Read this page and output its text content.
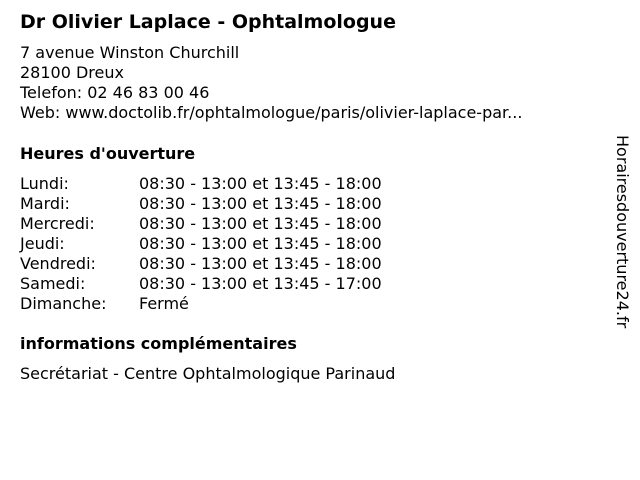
Dr Olivier Laplace - Ophtalmologue
7 avenue Winston Churchill
28100 Dreux
Telefon: 02 46 83 00 46
Web: www.doctolib.fr/ophtalmologue/paris/olivier-laplace-par...
Heures d'ouverture
Lundi:	08:30 - 13:00 et 13:45 - 18:00
Mardi:	08:30 - 13:00 et 13:45 - 18:00
Mercredi:	08:30 - 13:00 et 13:45 - 18:00
Jeudi:	08:30 - 13:00 et 13:45 - 18:00
Vendredi:	08:30 - 13:00 et 13:45 - 18:00
Samedi:	08:30 - 13:00 et 13:45 - 17:00
Dimanche: Fermé
informations complémentaires
Secrétariat - Centre Ophtalmologique Parinaud
Horairesdouverture24.fr
